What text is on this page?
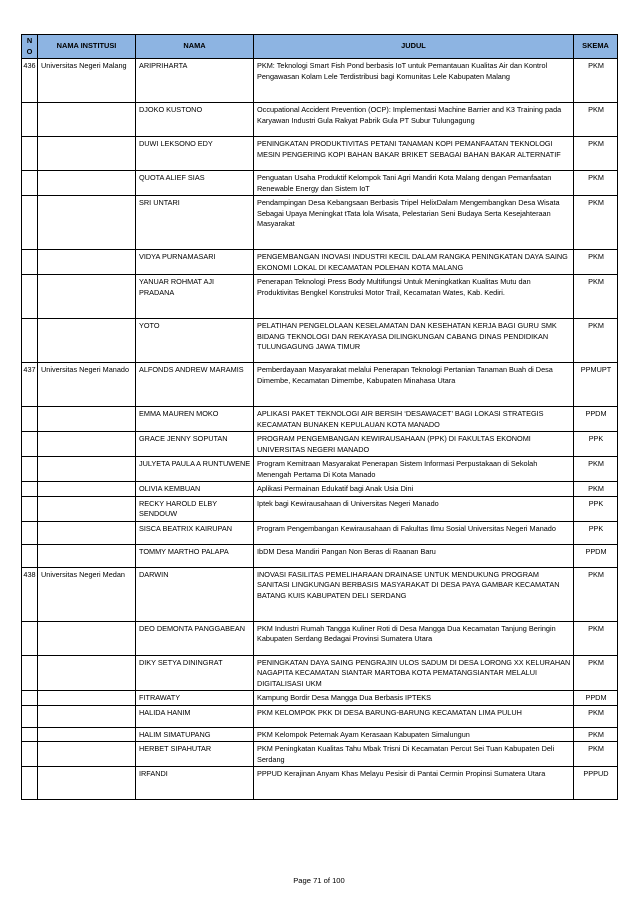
NO	NAMA INSTITUSI	NAMA	JUDUL	SKEMA
436	Universitas Negeri Malang	ARIPRIHARTA	PKM: Teknologi Smart Fish Pond berbasis IoT untuk Pemantauan Kualitas Air dan Kontrol Pengawasan Kolam Lele Terdistribusi bagi Komunitas Lele Kabupaten Malang	PKM
		DJOKO KUSTONO	Occupational Accident Prevention (OCP): Implementasi Machine Barrier and K3 Training pada Karyawan Industri Gula Rakyat Pabrik Gula PT Subur Tulungagung	PKM
		DUWI LEKSONO EDY	PENINGKATAN PRODUKTIVITAS PETANI TANAMAN KOPI PEMANFAATAN TEKNOLOGI MESIN PENGERING KOPI BAHAN BAKAR BRIKET SEBAGAI BAHAN BAKAR ALTERNATIF	PKM
		QUOTA ALIEF SIAS	Penguatan Usaha Produktif Kelompok Tani Agri Mandiri Kota Malang dengan Pemanfaatan Renewable Energy dan Sistem IoT	PKM
		SRI UNTARI	Pendampingan Desa Kebangsaan Berbasis Tripel HelixDalam Mengembangkan Desa Wisata Sebagai Upaya Meningkat tTata lola Wisata, Pelestarian Seni Budaya Serta Kesejahteraan Masyarakat	PKM
		VIDYA PURNAMASARI	PENGEMBANGAN INOVASI INDUSTRI KECIL DALAM RANGKA PENINGKATAN DAYA SAING EKONOMI LOKAL DI KECAMATAN POLEHAN KOTA MALANG	PKM
		YANUAR ROHMAT AJI PRADANA	Penerapan Teknologi Press Body Multifungsi Untuk Meningkatkan Kualitas Mutu dan Produktivitas Bengkel Konstruksi Motor Trail, Kecamatan Wates, Kab. Kediri.	PKM
		YOTO	PELATIHAN PENGELOLAAN KESELAMATAN DAN KESEHATAN KERJA BAGI GURU SMK BIDANG TEKNOLOGI DAN REKAYASA DILINGKUNGAN CABANG DINAS PENDIDIKAN TULUNGAGUNG JAWA TIMUR	PKM
437	Universitas Negeri Manado	ALFONDS ANDREW MARAMIS	Pemberdayaan Masyarakat melalui Penerapan Teknologi Pertanian Tanaman Buah di Desa Dimembe, Kecamatan Dimembe, Kabupaten Minahasa Utara	PPMUPT
		EMMA MAUREN MOKO	APLIKASI PAKET TEKNOLOGI AIR BERSIH ‘DESAWACET’ BAGI LOKASI STRATEGIS KECAMATAN BUNAKEN KEPULAUAN KOTA MANADO	PPDM
		GRACE JENNY SOPUTAN	PROGRAM PENGEMBANGAN KEWIRAUSAHAAN (PPK) DI FAKULTAS EKONOMI UNIVERSITAS NEGERI MANADO	PPK
		JULYETA PAULA A RUNTUWENE	Program Kemitraan Masyarakat Penerapan Sistem Informasi Perpustakaan di Sekolah Menengah Pertama Di Kota Manado	PKM
		OLIVIA KEMBUAN	Aplikasi Permainan Edukatif bagi Anak Usia Dini	PKM
		RECKY HAROLD ELBY SENDOUW	Iptek bagi Kewirausahaan di Universitas Negeri Manado	PPK
		SISCA BEATRIX KAIRUPAN	Program Pengembangan Kewirausahaan di Fakultas Ilmu Sosial Universitas Negeri Manado	PPK
		TOMMY MARTHO PALAPA	IbDM Desa Mandiri Pangan Non Beras di Raanan Baru	PPDM
438	Universitas Negeri Medan	DARWIN	INOVASI FASILITAS PEMELIHARAAN DRAINASE UNTUK MENDUKUNG PROGRAM SANITASI LINGKUNGAN BERBASIS MASYARAKAT DI DESA PAYA GAMBAR KECAMATAN BATANG KUIS KABUPATEN DELI SERDANG	PKM
		DEO DEMONTA PANGGABEAN	PKM Industri Rumah Tangga Kuliner Roti di Desa Mangga Dua Kecamatan Tanjung Beringin Kabupaten Serdang Bedagai Provinsi Sumatera Utara	PKM
		DIKY SETYA DININGRAT	PENINGKATAN DAYA SAING PENGRAJIN ULOS SADUM DI DESA LORONG XX KELURAHAN NAGAPITA KECAMATAN SIANTAR MARTOBA KOTA PEMATANGSIANTAR MELALUI DIGITALISASI UKM	PKM
		FITRAWATY	Kampung Bordir Desa Mangga Dua Berbasis IPTEKS	PPDM
		HALIDA HANIM	PKM KELOMPOK PKK DI DESA BARUNG-BARUNG KECAMATAN LIMA PULUH	PKM
		HALIM SIMATUPANG	PKM Kelompok Peternak Ayam Kerasaan Kabupaten Simalungun	PKM
		HERBET SIPAHUTAR	PKM Peningkatan Kualitas Tahu Mbak Trisni Di Kecamatan Percut Sei Tuan Kabupaten Deli Serdang	PKM
		IRFANDI	PPPUD Kerajinan Anyam Khas Melayu Pesisir di Pantai Cermin Propinsi Sumatera Utara	PPPUD
Page 71 of 100
